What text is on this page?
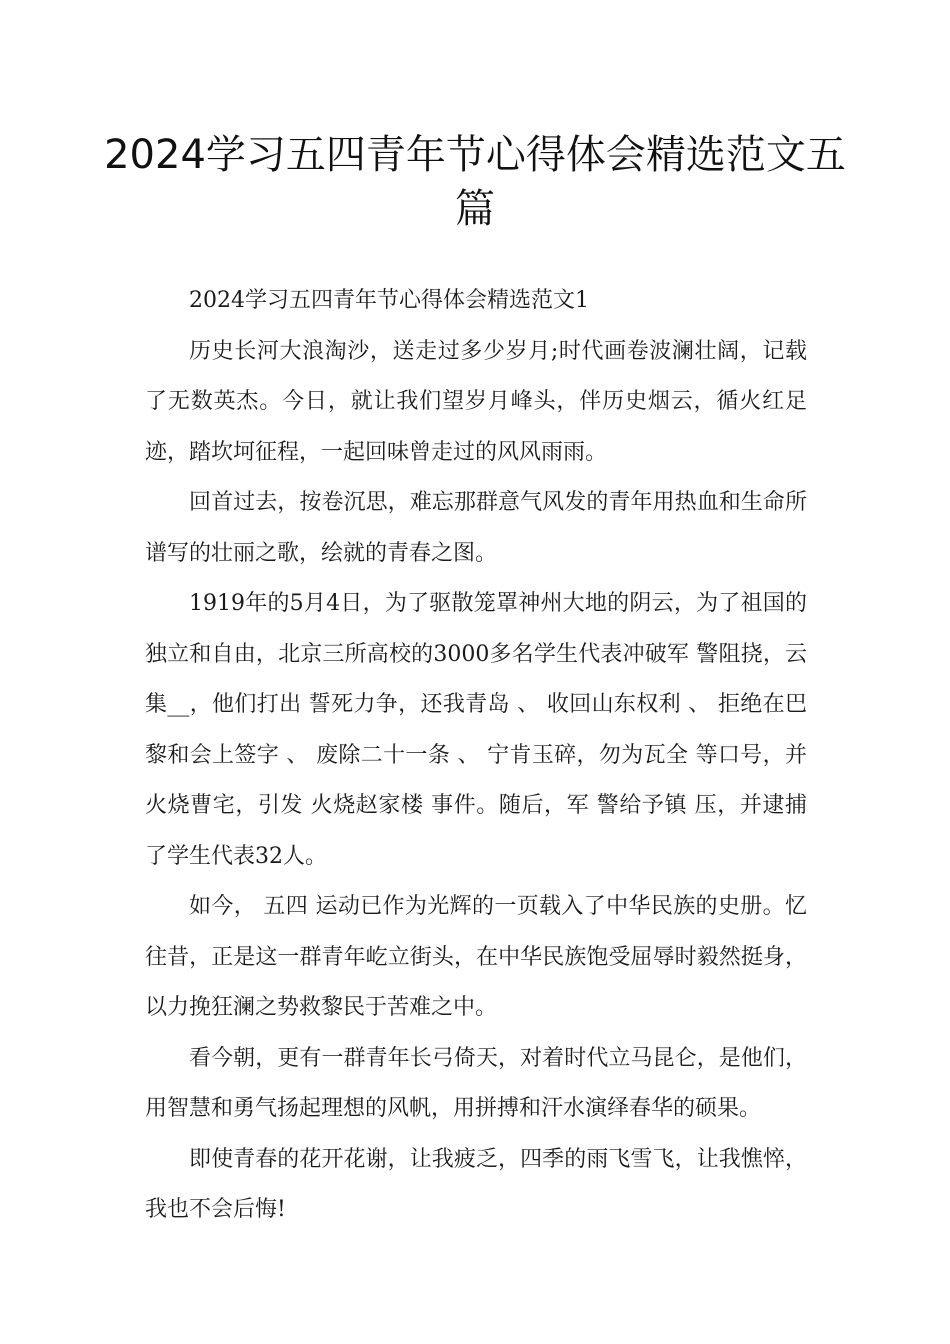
2024学习五四青年节心得体会精选范文五篇

2024学习五四青年节心得体会精选范文1

历史长河大浪淘沙，送走过多少岁月;时代画卷波澜壮阔，记载了无数英杰。今日，就让我们望岁月峰头，伴历史烟云，循火红足迹，踏坎坷征程，一起回味曾走过的风风雨雨。

回首过去，按卷沉思，难忘那群意气风发的青年用热血和生命所谱写的壮丽之歌，绘就的青春之图。

1919年的5月4日，为了驱散笼罩神州大地的阴云，为了祖国的独立和自由，北京三所高校的3000多名学生代表冲破军 警阻挠，云集__，他们打出 誓死力争，还我青岛 、 收回山东权利 、 拒绝在巴黎和会上签字 、 废除二十一条 、 宁肯玉碎，勿为瓦全 等口号，并火烧曹宅，引发 火烧赵家楼 事件。随后，军 警给予镇 压，并逮捕了学生代表32人。

如今， 五四 运动已作为光辉的一页载入了中华民族的史册。忆往昔，正是这一群青年屹立街头，在中华民族饱受屈辱时毅然挺身，以力挽狂澜之势救黎民于苦难之中。

看今朝，更有一群青年长弓倚天，对着时代立马昆仑，是他们，用智慧和勇气扬起理想的风帆，用拼搏和汗水演绎春华的硕果。

即使青春的花开花谢，让我疲乏，四季的雨飞雪飞，让我憔悴，我也不会后悔!
